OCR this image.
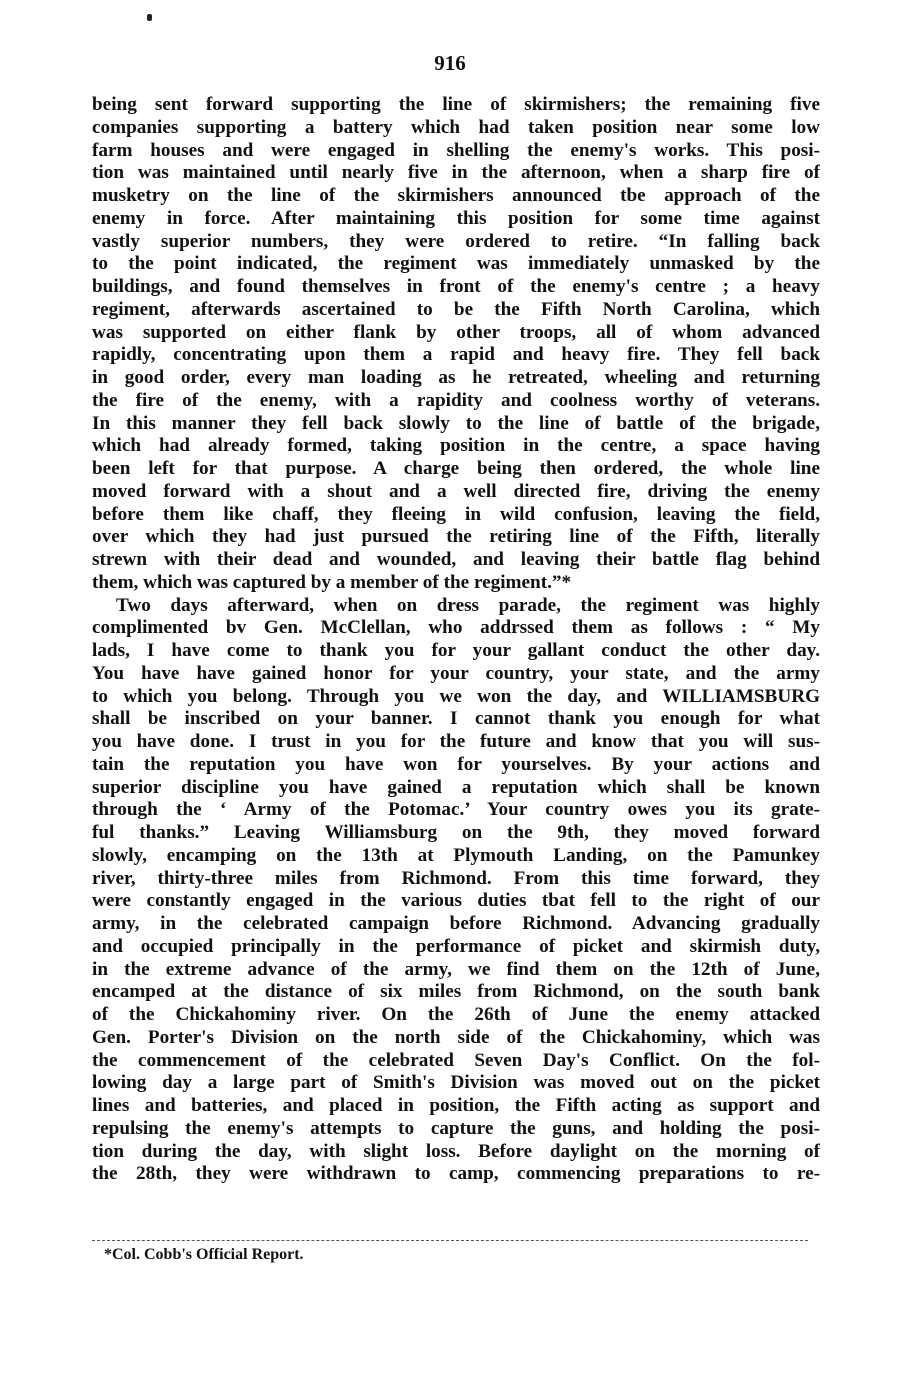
916
being sent forward supporting the line of skirmishers; the remaining five
companies supporting a battery which had taken position near some low
farm houses and were engaged in shelling the enemy's works. This posi-
tion was maintained until nearly five in the afternoon, when a sharp fire of
musketry on the line of the skirmishers announced tbe approach of the
enemy in force. After maintaining this position for some time against
vastly superior numbers, they were ordered to retire. “In falling back
to the point indicated, the regiment was immediately unmasked by the
buildings, and found themselves in front of the enemy's centre ; a heavy
regiment, afterwards ascertained to be the Fifth North Carolina, which
was supported on either flank by other troops, all of whom advanced
rapidly, concentrating upon them a rapid and heavy fire. They fell back
in good order, every man loading as he retreated, wheeling and returning
the fire of the enemy, with a rapidity and coolness worthy of veterans.
In this manner they fell back slowly to the line of battle of the brigade,
which had already formed, taking position in the centre, a space having
been left for that purpose. A charge being then ordered, the whole line
moved forward with a shout and a well directed fire, driving the enemy
before them like chaff, they fleeing in wild confusion, leaving the field,
over which they had just pursued the retiring line of the Fifth, literally
strewn with their dead and wounded, and leaving their battle flag behind
them, which was captured by a member of the regiment.”*
Two days afterward, when on dress parade, the regiment was highly
complimented bv Gen. McClellan, who addrssed them as follows : “ My
lads, I have come to thank you for your gallant conduct the other day.
You have have gained honor for your country, your state, and the army
to which you belong. Through you we won the day, and WILLIAMSBURG
shall be inscribed on your banner. I cannot thank you enough for what
you have done. I trust in you for the future and know that you will sus-
tain the reputation you have won for yourselves. By your actions and
superior discipline you have gained a reputation which shall be known
through the ‘ Army of the Potomac.’ Your country owes you its grate-
ful thanks.” Leaving Williamsburg on the 9th, they moved forward
slowly, encamping on the 13th at Plymouth Landing, on the Pamunkey
river, thirty-three miles from Richmond. From this time forward, they
were constantly engaged in the various duties tbat fell to the right of our
army, in the celebrated campaign before Richmond. Advancing gradually
and occupied principally in the performance of picket and skirmish duty,
in the extreme advance of the army, we find them on the 12th of June,
encamped at the distance of six miles from Richmond, on the south bank
of the Chickahominy river. On the 26th of June the enemy attacked
Gen. Porter's Division on the north side of the Chickahominy, which was
the commencement of the celebrated Seven Day's Conflict. On the fol-
lowing day a large part of Smith's Division was moved out on the picket
lines and batteries, and placed in position, the Fifth acting as support and
repulsing the enemy's attempts to capture the guns, and holding the posi-
tion during the day, with slight loss. Before daylight on the morning of
the 28th, they were withdrawn to camp, commencing preparations to re-
*Col. Cobb's Official Report.
